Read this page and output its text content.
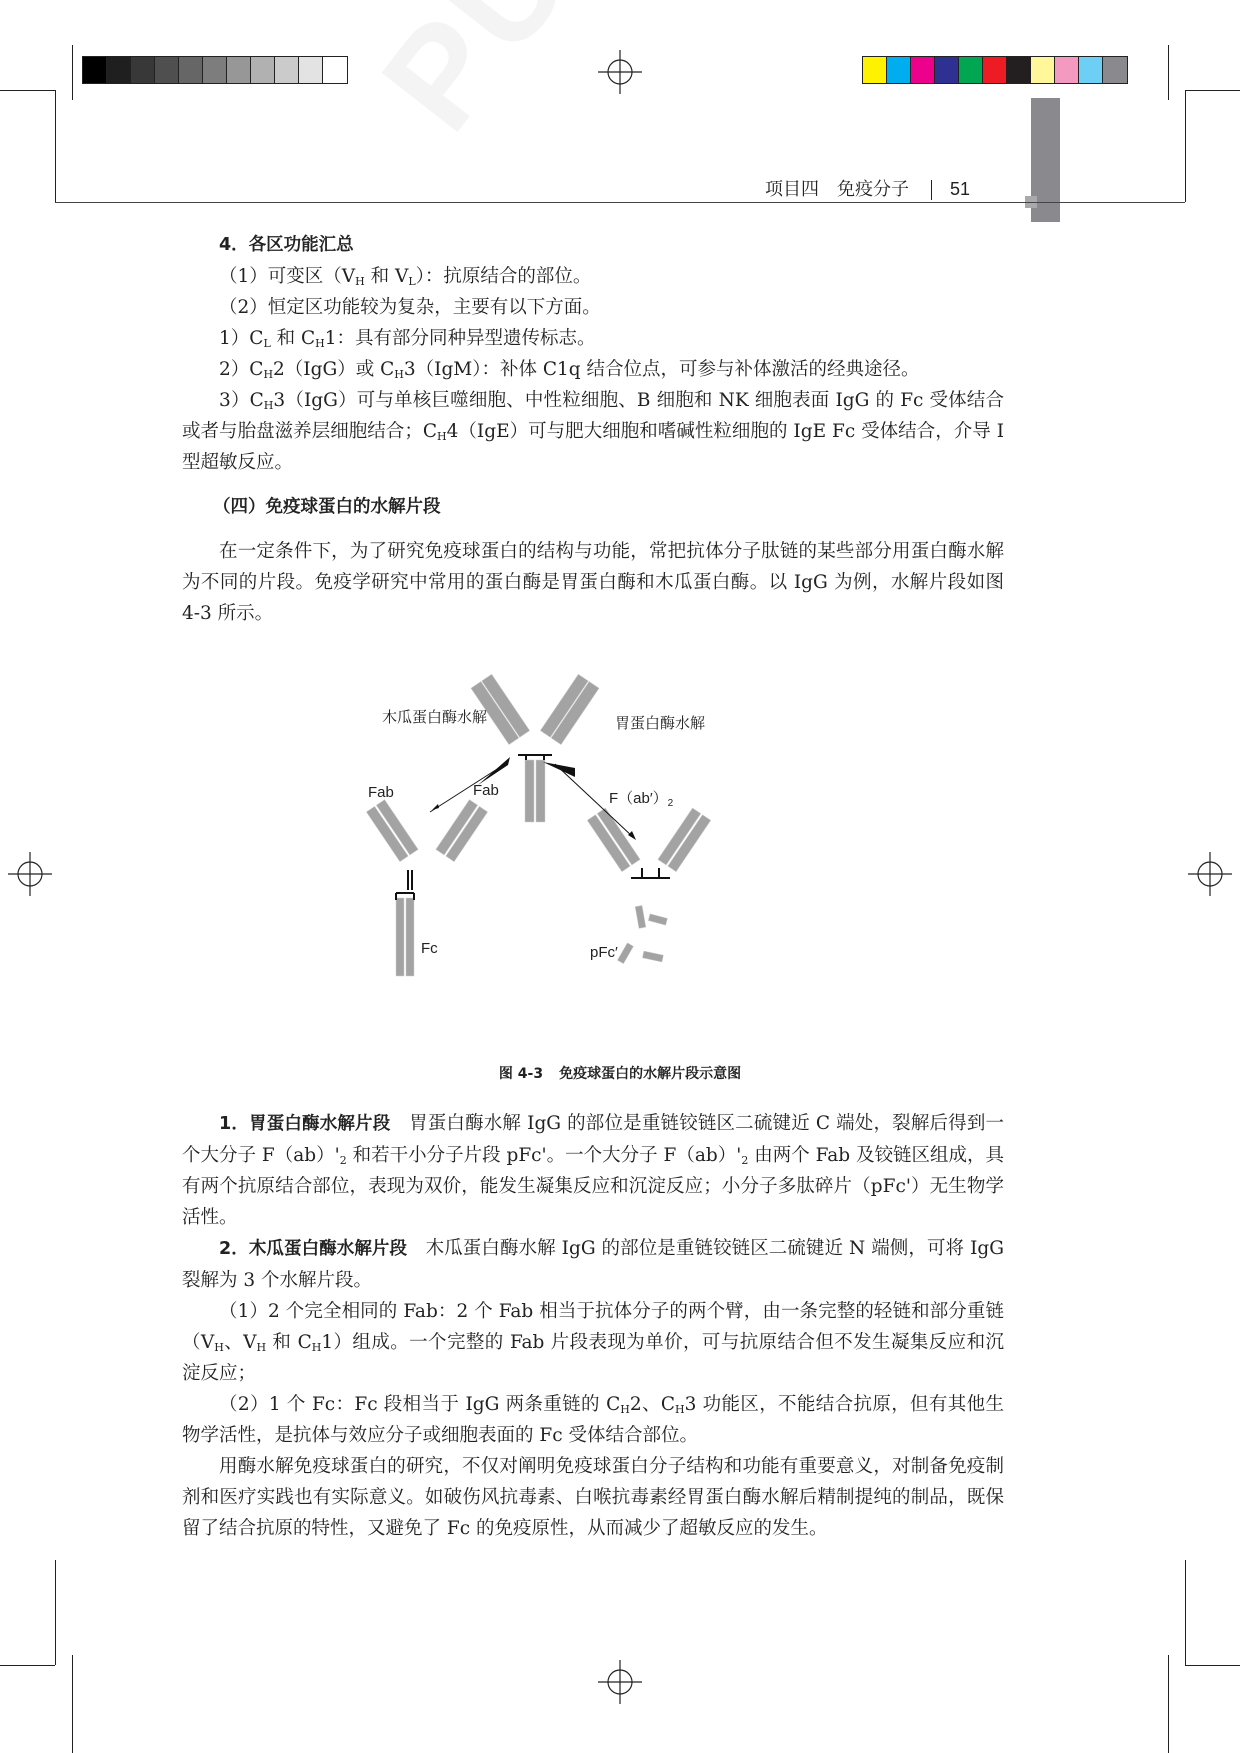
项目四　免疫分子 51

4．各区功能汇总

（1）可变区（$V_H$ 和 $V_L$）：抗原结合的部位。

（2）恒定区功能较为复杂，主要有以下方面。

$1)C_L$ 和 $C_H1$：具有部分同种异型遗传标志。

$2)C_H2(IgG)$或 $C_H3(IgM)$：补体 C1q 结合位点，可参与补体激活的经典途径。

$3)C_H3(IgG)$可与单核巨噬细胞、中性粒细胞、B 细胞和 NK 细胞表面 IgG 的 Fc 受体结合或者与胎盘滋养层细胞结合；$C_H4(IgE)$可与肥大细胞和嗜碱性粒细胞的 IgE Fc 受体结合，介导 I 型超敏反应。

（四）免疫球蛋白的水解片段

在一定条件下，为了研究免疫球蛋白的结构与功能，常把抗体分子肽链的某些部分用蛋白酶水解为不同的片段。免疫学研究中常用的蛋白酶是胃蛋白酶和木瓜蛋白酶。以 IgG 为例，水解片段如图 4-3 所示。

木瓜蛋白酶水解	胃蛋白酶水解
Fab	Fab	$F(ab')_2$
Fc	pFc′
图 4-3 免疫球蛋白的水解片段示意图

1．胃蛋白酶水解片段　胃蛋白酶水解 IgG 的部位是重链铰链区二硫键近 C 端处，裂解后得到一个大分子 $F(ab)'_2$ 和若干小分子片段 pFc'。一个大分子 $F(ab)'_2$ 由两个 Fab 及铰链区组成，具有两个抗原结合部位，表现为双价，能发生凝集反应和沉淀反应；小分子多肽碎片（pFc'）无生物学活性。

2．木瓜蛋白酶水解片段　木瓜蛋白酶水解 IgG 的部位是重链铰链区二硫键近 N 端侧，可将 IgG 裂解为 3 个水解片段。

（1）2 个完全相同的 Fab：2 个 Fab 相当于抗体分子的两个臂，由一条完整的轻链和部分重链（$V_H$、$V_H$ 和 $C_H1$）组成。一个完整的 Fab 片段表现为单价，可与抗原结合但不发生凝集反应和沉淀反应；

（2）1 个 Fc：Fc 段相当于 IgG 两条重链的 $C_H2$、$C_H3$ 功能区，不能结合抗原，但有其他生物学活性，是抗体与效应分子或细胞表面的 Fc 受体结合部位。

用酶水解免疫球蛋白的研究，不仅对阐明免疫球蛋白分子结构和功能有重要意义，对制备免疫制剂和医疗实践也有实际意义。如破伤风抗毒素、白喉抗毒素经胃蛋白酶水解后精制提纯的制品，既保留了结合抗原的特性，又避免了 Fc 的免疫原性，从而减少了超敏反应的发生。
